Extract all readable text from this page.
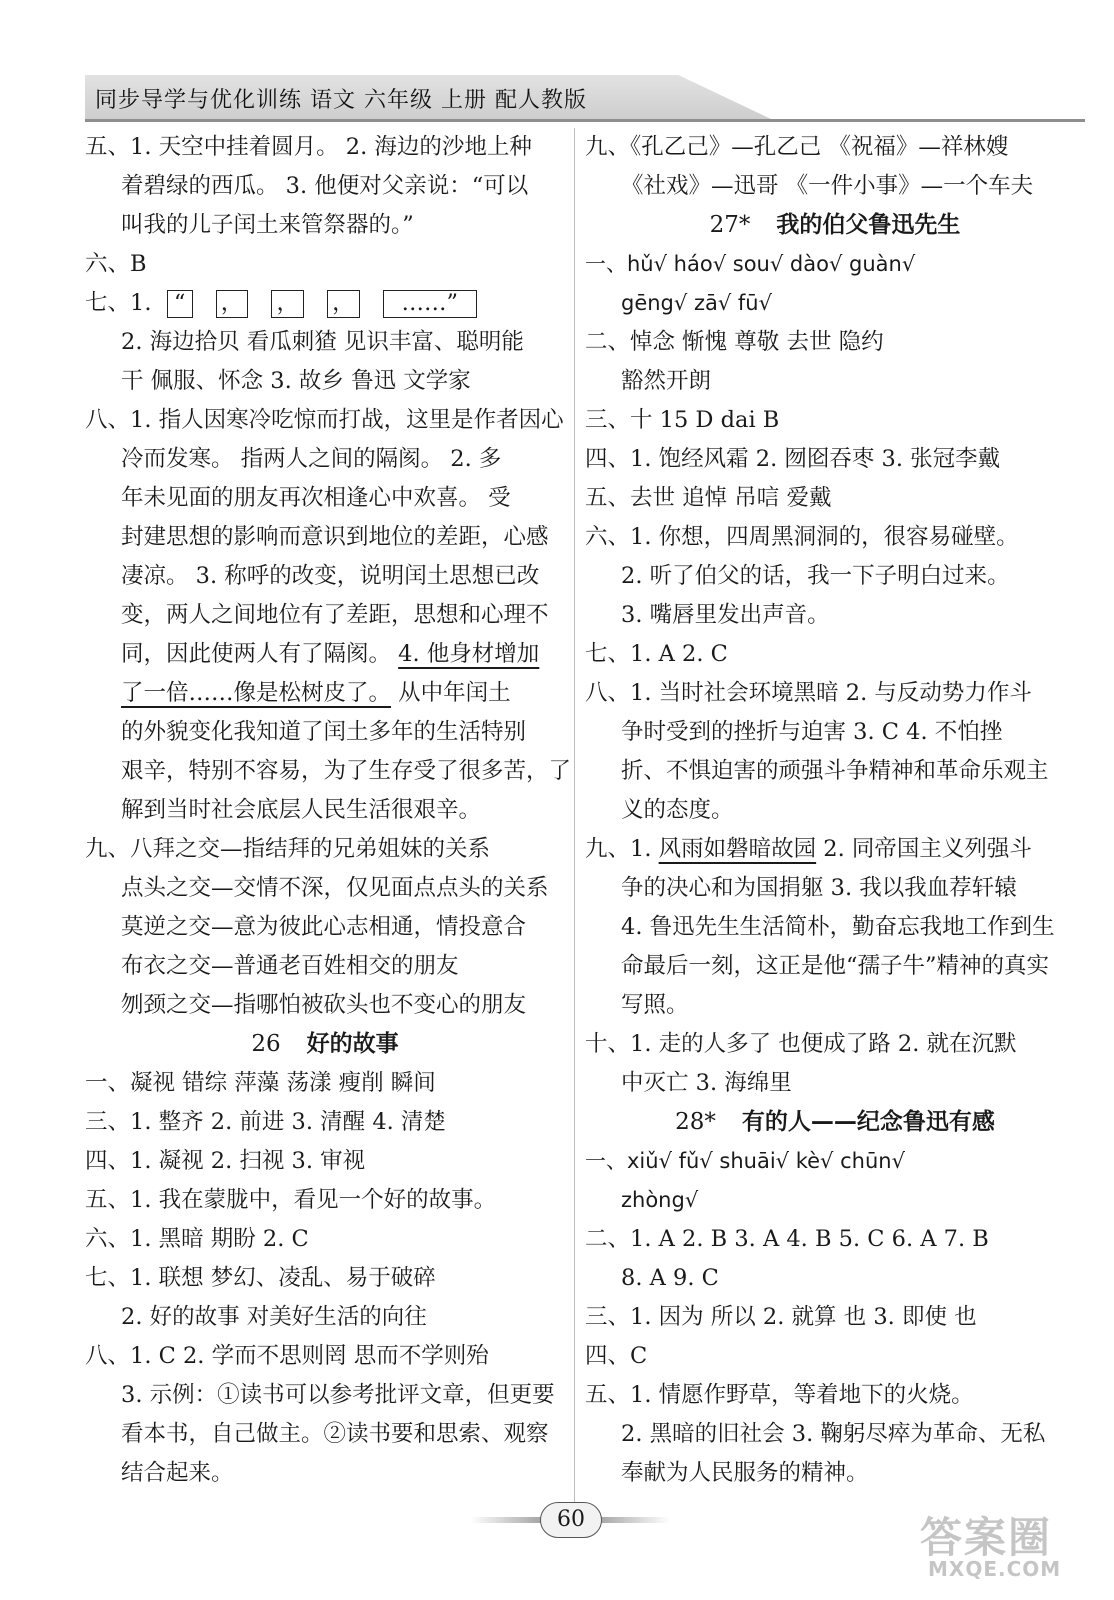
同步导学与优化训练 语文 六年级 上册 配人教版
五、1. 天空中挂着圆月。 2. 海边的沙地上种
着碧绿的西瓜。 3. 他便对父亲说：“可以
叫我的儿子闰土来管祭器的。”
六、B
七、1. “ ， ， ， ……”
2. 海边拾贝 看瓜刺猹 见识丰富、聪明能
干 佩服、怀念 3. 故乡 鲁迅 文学家
八、1. 指人因寒冷吃惊而打战，这里是作者因心
冷而发寒。 指两人之间的隔阂。 2. 多
年未见面的朋友再次相逢心中欢喜。 受
封建思想的影响而意识到地位的差距，心感
凄凉。 3. 称呼的改变，说明闰土思想已改
变，两人之间地位有了差距，思想和心理不
同，因此使两人有了隔阂。 4. 他身材增加
了一倍……像是松树皮了。 从中年闰土
的外貌变化我知道了闰土多年的生活特别
艰辛，特别不容易，为了生存受了很多苦，了
解到当时社会底层人民生活很艰辛。
九、八拜之交—指结拜的兄弟姐妹的关系
点头之交—交情不深，仅见面点点头的关系
莫逆之交—意为彼此心志相通，情投意合
布衣之交—普通老百姓相交的朋友
刎颈之交—指哪怕被砍头也不变心的朋友
26 好的故事
一、凝视 错综 萍藻 荡漾 瘦削 瞬间
三、1. 整齐 2. 前进 3. 清醒 4. 清楚
四、1. 凝视 2. 扫视 3. 审视
五、1. 我在蒙胧中，看见一个好的故事。
六、1. 黑暗 期盼 2. C
七、1. 联想 梦幻、凌乱、易于破碎
2. 好的故事 对美好生活的向往
八、1. C 2. 学而不思则罔 思而不学则殆
3. 示例：①读书可以参考批评文章，但更要
看本书，自己做主。②读书要和思索、观察
结合起来。
九、《孔乙己》—孔乙己 《祝福》—祥林嫂
《社戏》—迅哥 《一件小事》—一个车夫
27* 我的伯父鲁迅先生
一、hǔ√ háo√ sou√ dào√ guàn√
gēng√ zā√ fū√
二、悼念 惭愧 尊敬 去世 隐约
豁然开朗
三、十 15 D dai B
四、1. 饱经风霜 2. 囫囵吞枣 3. 张冠李戴
五、去世 追悼 吊唁 爱戴
六、1. 你想，四周黑洞洞的，很容易碰壁。
2. 听了伯父的话，我一下子明白过来。
3. 嘴唇里发出声音。
七、1. A 2. C
八、1. 当时社会环境黑暗 2. 与反动势力作斗
争时受到的挫折与迫害 3. C 4. 不怕挫
折、不惧迫害的顽强斗争精神和革命乐观主
义的态度。
九、1. 风雨如磐暗故园 2. 同帝国主义列强斗
争的决心和为国捐躯 3. 我以我血荐轩辕
4. 鲁迅先生生活简朴，勤奋忘我地工作到生
命最后一刻，这正是他“孺子牛”精神的真实
写照。
十、1. 走的人多了 也便成了路 2. 就在沉默
中灭亡 3. 海绵里
28* 有的人——纪念鲁迅有感
一、xiǔ√ fǔ√ shuāi√ kè√ chūn√
zhòng√
二、1. A 2. B 3. A 4. B 5. C 6. A 7. B
8. A 9. C
三、1. 因为 所以 2. 就算 也 3. 即使 也
四、C
五、1. 情愿作野草，等着地下的火烧。
2. 黑暗的旧社会 3. 鞠躬尽瘁为革命、无私
奉献为人民服务的精神。
60	答案圈
MXQE.COM
